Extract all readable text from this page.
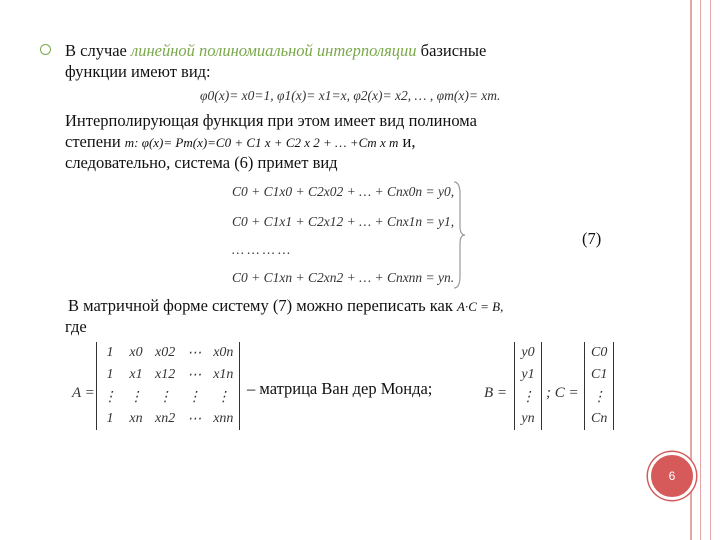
В случае линейной полиномиальной интерполяции базисные
функции имеют вид:
φ0(x)= x0=1, φ1(x)= x1=x, φ2(x)= x2, … , φm(x)= xm.
Интерполирующая функция при этом имеет вид полинома
степени m: φ(x)= Pm(x)=C0 + C1 x + C2 x 2 + … +Cm x m и,
следовательно, система (6) примет вид
C0 + C1x0 + C2x02 + … + Cnx0n = y0,
C0 + C1x1 + C2x12 + … + Cnx1n = y1,
… … … …
C0 + C1xn + C2xn2 + … + Cnxnn = yn.
(7)
В матричной форме систему (7) можно переписать как A·C = B,
где
A =
1	x0	x02	⋯	x0n
1	x1	x12	⋯	x1n
⋮	⋮	⋮	⋮	⋮
1	xn	xn2	⋯	xnn
– матрица Ван дер Монда;	B =
y0
y1
⋮
yn
; C =
C0
C1
⋮
Cn
6
